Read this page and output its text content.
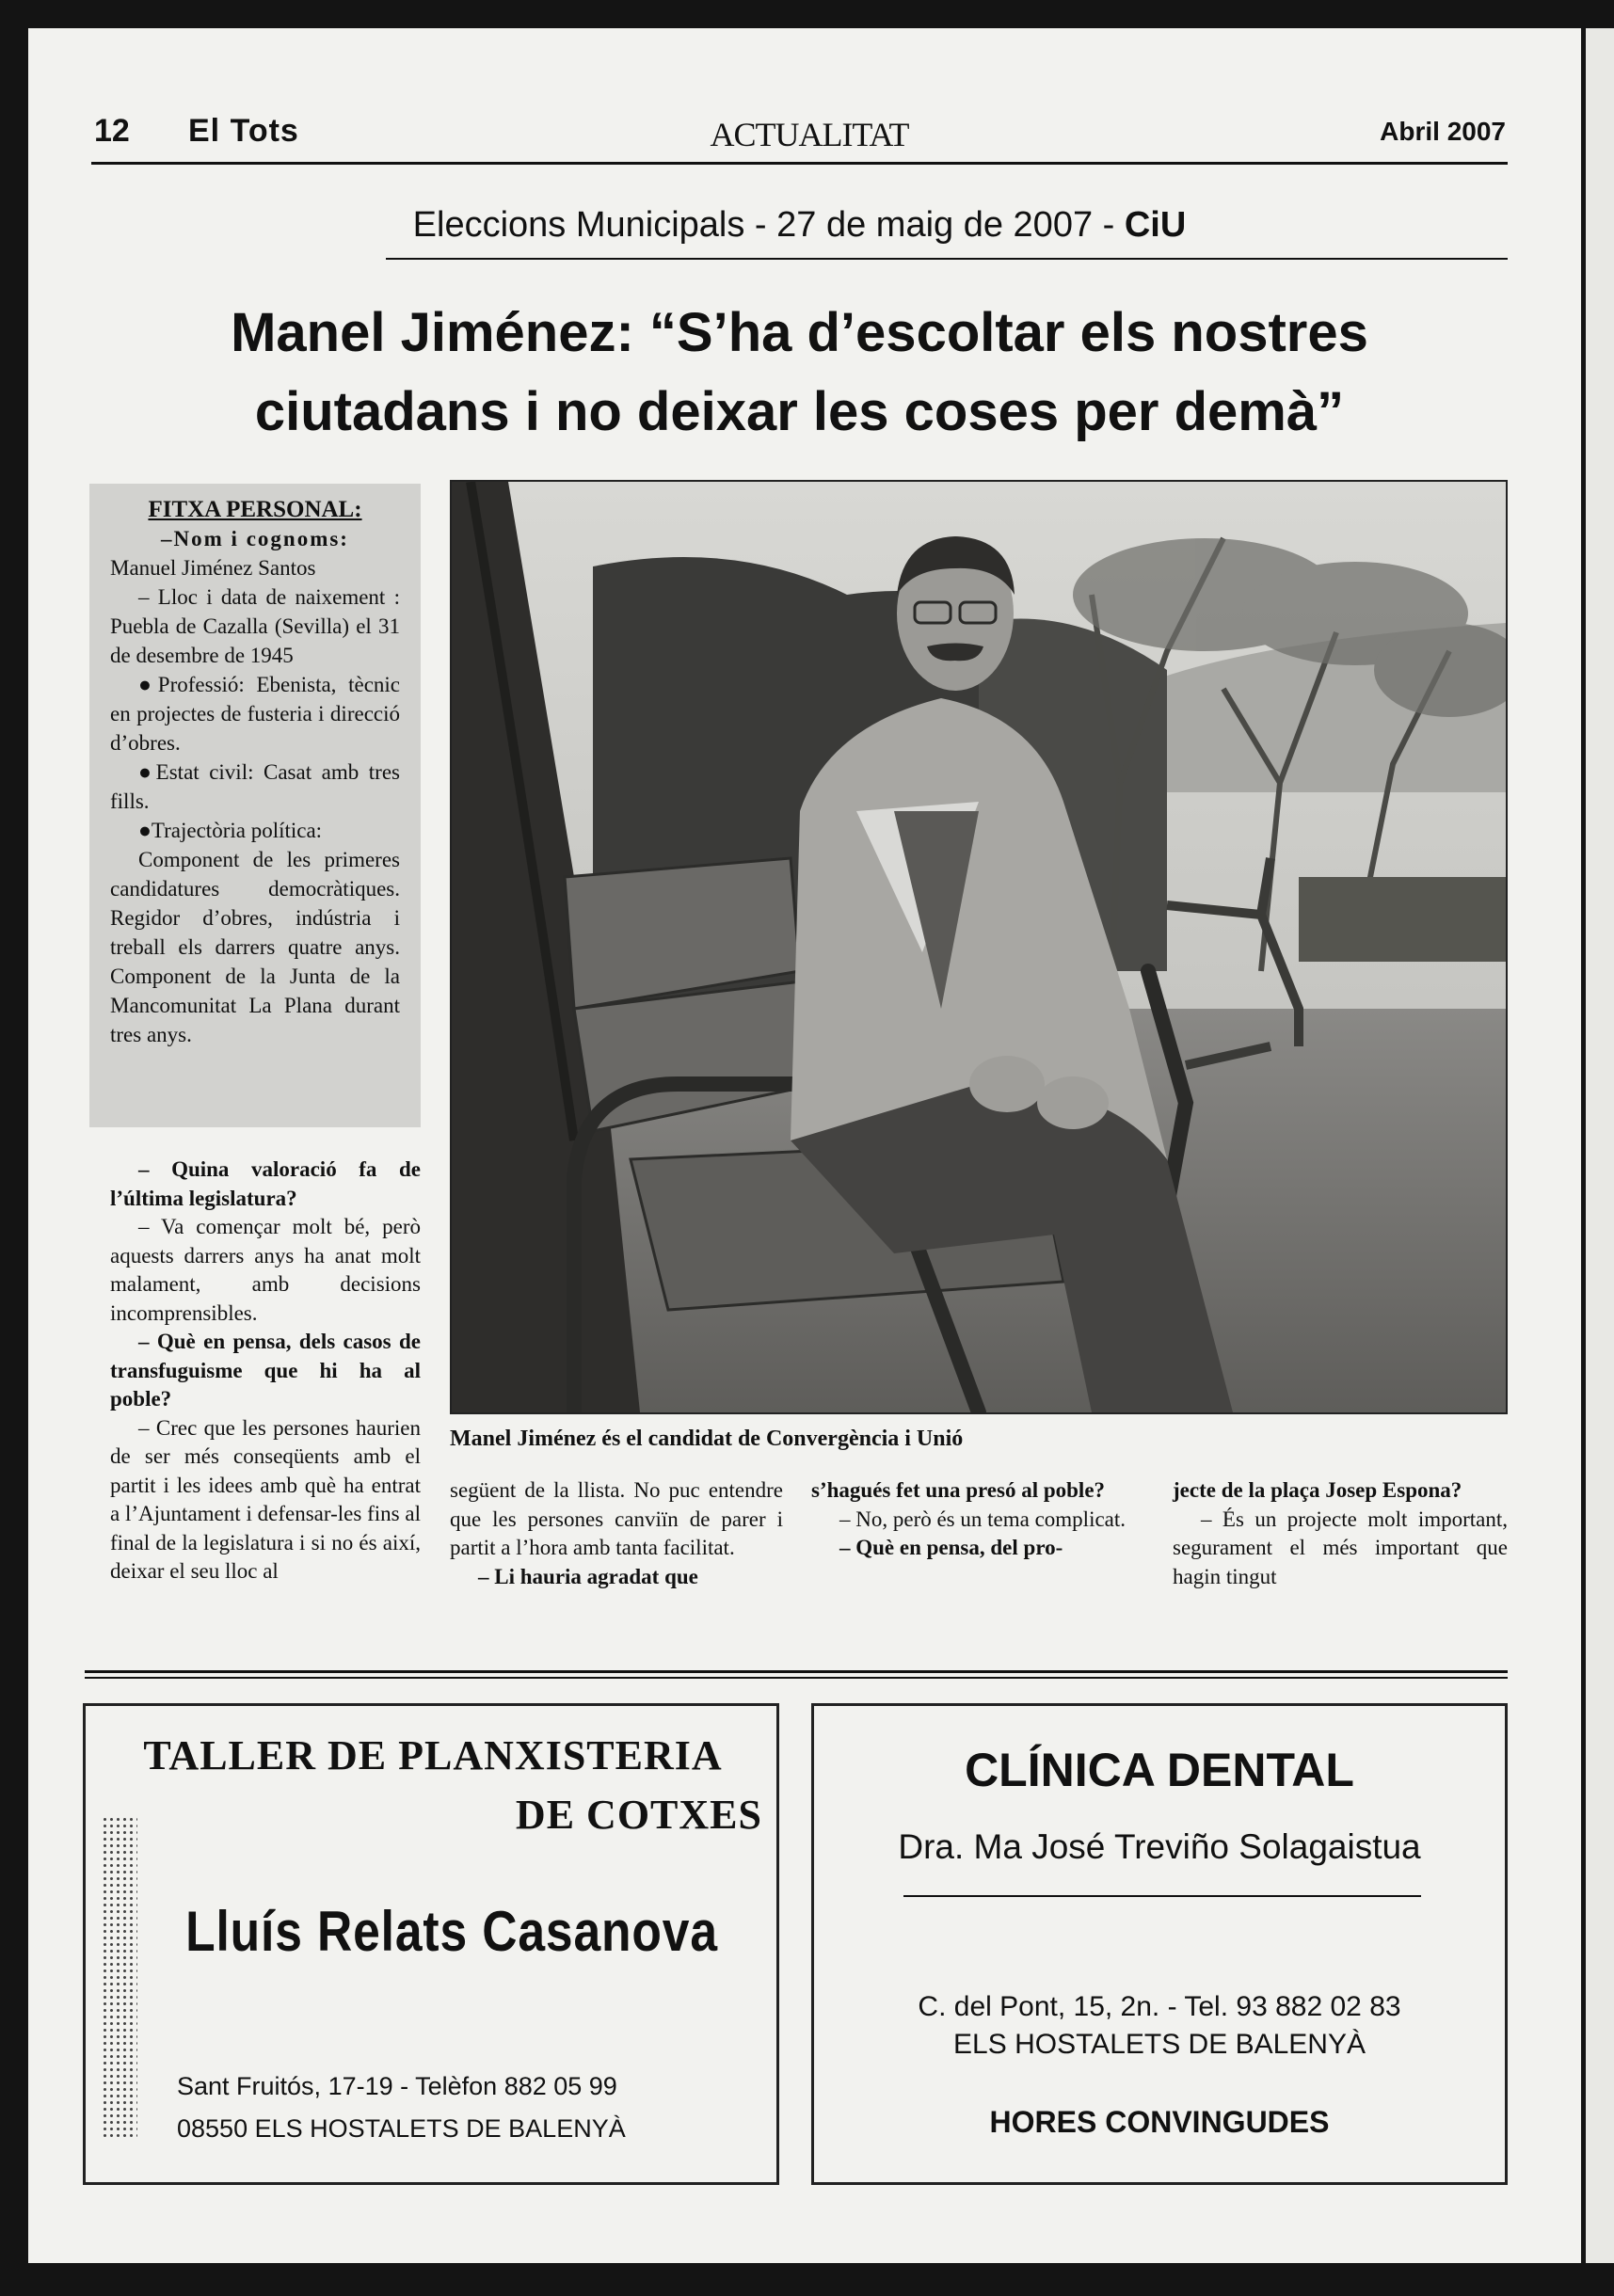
12 El Tots	ACTUALITAT	Abril 2007
Eleccions Municipals - 27 de maig de 2007 - CiU
Manel Jiménez: “S’ha d’escoltar els nostres
ciutadans i no deixar les coses per demà”

FITXA PERSONAL:

–Nom i cognoms:

Manuel Jiménez Santos

– Lloc i data de naixement : Puebla de Cazalla (Sevilla) el 31 de desembre de 1945

●Professió: Ebenista, tècnic en projectes de fusteria i direcció d’obres.

●Estat civil: Casat amb tres fills.

●Trajectòria política:

Component de les primeres candidatures democràtiques. Regidor d’obres, indústria i treball els darrers quatre anys. Component de la Junta de la Mancomunitat La Plana durant tres anys.

Manel Jiménez és el candidat de Convergència i Unió

– Quina valoració fa de l’última legislatura?

– Va començar molt bé, però aquests darrers anys ha anat molt malament, amb decisions incomprensibles.

– Què en pensa, dels casos de transfuguisme que hi ha al poble?

– Crec que les persones haurien de ser més conseqüents amb el partit i les idees amb què ha entrat a l’Ajuntament i defensar-les fins al final de la legislatura i si no és així, deixar el seu lloc al

següent de la llista. No puc entendre que les persones canviïn de parer i partit a l’hora amb tanta facilitat.

– Li hauria agradat que

s’hagués fet una presó al poble?

– No, però és un tema complicat.

– Què en pensa, del pro-

jecte de la plaça Josep Espona?

– És un projecte molt important, segurament el més important que hagin tingut

TALLER DE PLANXISTERIA
DE COTXES
Lluís Relats Casanova
Sant Fruitós, 17-19 - Telèfon 882 05 99
08550 ELS HOSTALETS DE BALENYÀ
CLÍNICA DENTAL
Dra. Ma José Treviño Solagaistua
C. del Pont, 15, 2n. - Tel. 93 882 02 83
ELS HOSTALETS DE BALENYÀ
HORES CONVINGUDES
